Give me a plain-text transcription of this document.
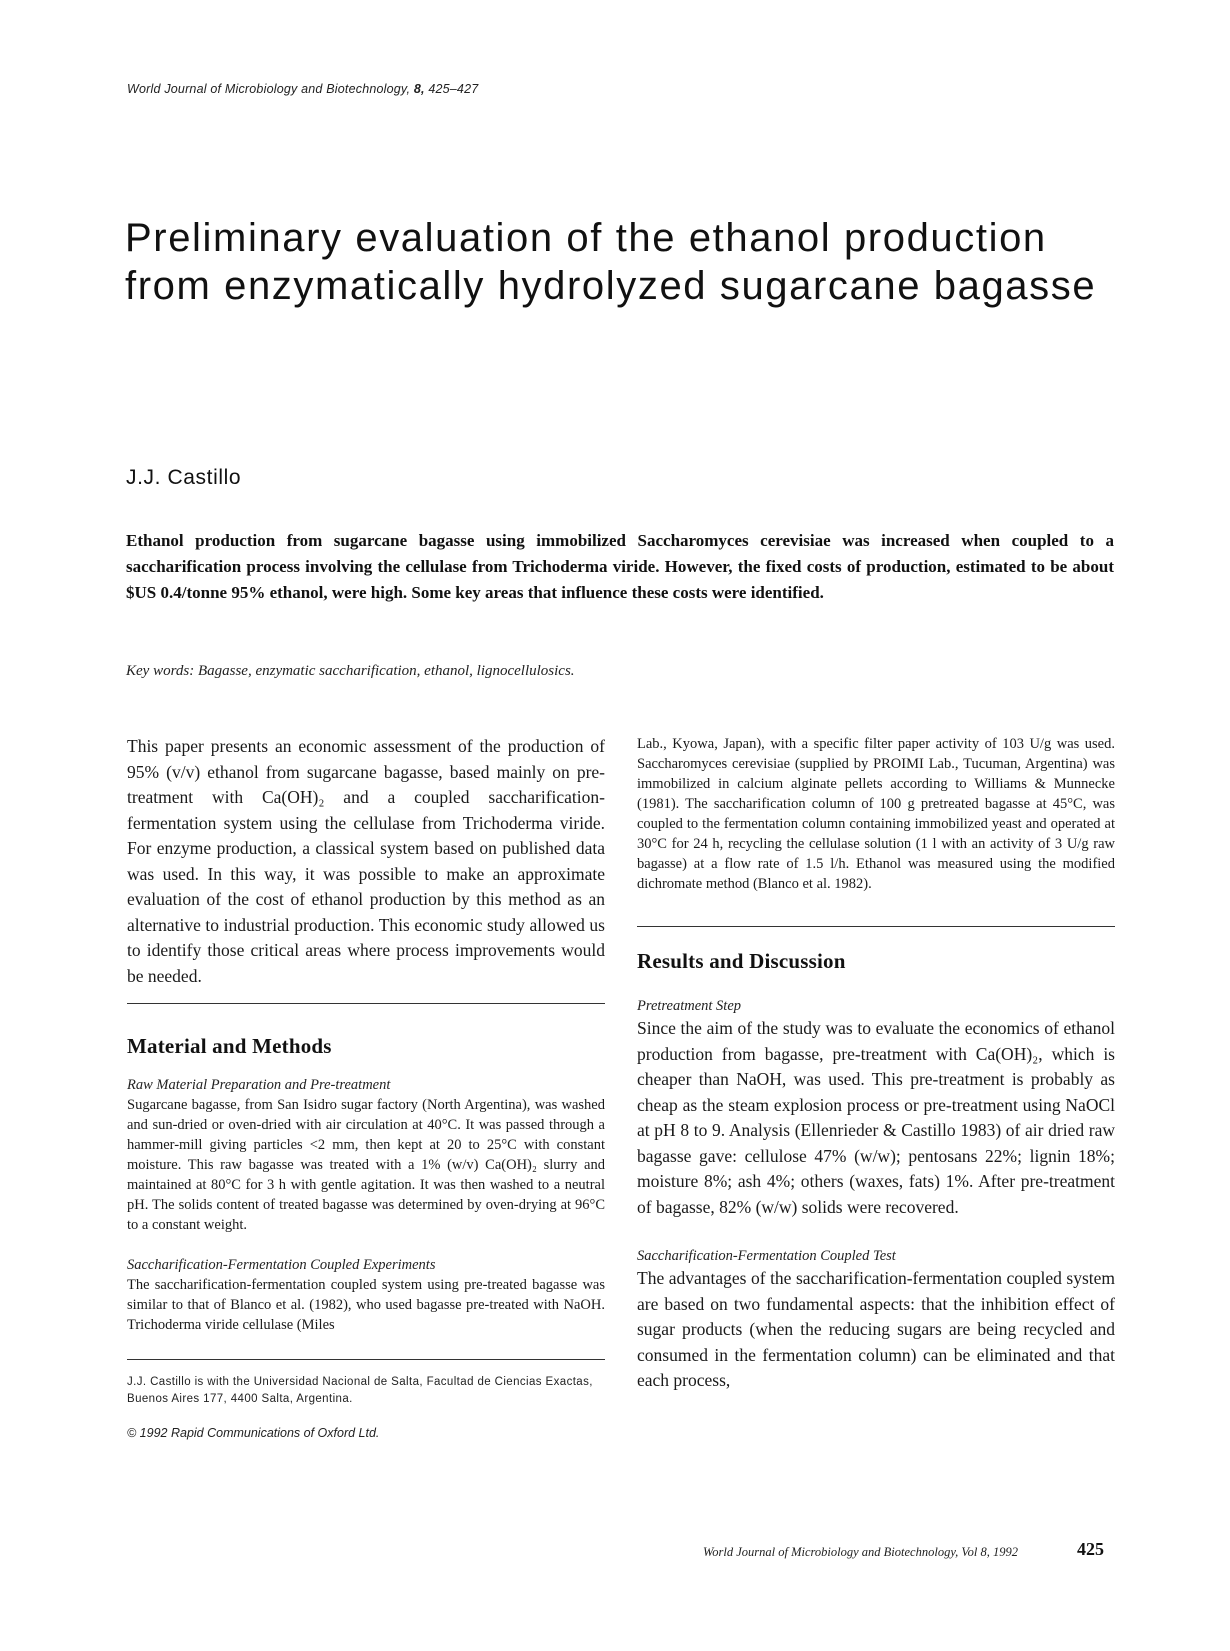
World Journal of Microbiology and Biotechnology, 8, 425–427
Preliminary evaluation of the ethanol production from enzymatically hydrolyzed sugarcane bagasse
J.J. Castillo

Ethanol production from sugarcane bagasse using immobilized Saccharomyces cerevisiae was increased when coupled to a saccharification process involving the cellulase from Trichoderma viride. However, the fixed costs of production, estimated to be about $US 0.4/tonne 95% ethanol, were high. Some key areas that influence these costs were identified.

Key words: Bagasse, enzymatic saccharification, ethanol, lignocellulosics.

This paper presents an economic assessment of the production of 95% (v/v) ethanol from sugarcane bagasse, based mainly on pre-treatment with Ca(OH)₂ and a coupled saccharification-fermentation system using the cellulase from Trichoderma viride. For enzyme production, a classical system based on published data was used. In this way, it was possible to make an approximate evaluation of the cost of ethanol production by this method as an alternative to industrial production. This economic study allowed us to identify those critical areas where process improvements would be needed.

Material and Methods

Raw Material Preparation and Pre-treatment

Sugarcane bagasse, from San Isidro sugar factory (North Argentina), was washed and sun-dried or oven-dried with air circulation at 40°C. It was passed through a hammer-mill giving particles <2 mm, then kept at 20 to 25°C with constant moisture. This raw bagasse was treated with a 1% (w/v) Ca(OH)₂ slurry and maintained at 80°C for 3 h with gentle agitation. It was then washed to a neutral pH. The solids content of treated bagasse was determined by oven-drying at 96°C to a constant weight.

Saccharification-Fermentation Coupled Experiments

The saccharification-fermentation coupled system using pre-treated bagasse was similar to that of Blanco et al. (1982), who used bagasse pre-treated with NaOH. Trichoderma viride cellulase (Miles

J.J. Castillo is with the Universidad Nacional de Salta, Facultad de Ciencias Exactas, Buenos Aires 177, 4400 Salta, Argentina.

© 1992 Rapid Communications of Oxford Ltd.

Lab., Kyowa, Japan), with a specific filter paper activity of 103 U/g was used. Saccharomyces cerevisiae (supplied by PROIMI Lab., Tucuman, Argentina) was immobilized in calcium alginate pellets according to Williams & Munnecke (1981). The saccharification column of 100 g pretreated bagasse at 45°C, was coupled to the fermentation column containing immobilized yeast and operated at 30°C for 24 h, recycling the cellulase solution (1 l with an activity of 3 U/g raw bagasse) at a flow rate of 1.5 l/h. Ethanol was measured using the modified dichromate method (Blanco et al. 1982).

Results and Discussion

Pretreatment Step

Since the aim of the study was to evaluate the economics of ethanol production from bagasse, pre-treatment with Ca(OH)₂, which is cheaper than NaOH, was used. This pre-treatment is probably as cheap as the steam explosion process or pre-treatment using NaOCl at pH 8 to 9. Analysis (Ellenrieder & Castillo 1983) of air dried raw bagasse gave: cellulose 47% (w/w); pentosans 22%; lignin 18%; moisture 8%; ash 4%; others (waxes, fats) 1%. After pre-treatment of bagasse, 82% (w/w) solids were recovered.

Saccharification-Fermentation Coupled Test

The advantages of the saccharification-fermentation coupled system are based on two fundamental aspects: that the inhibition effect of sugar products (when the reducing sugars are being recycled and consumed in the fermentation column) can be eliminated and that each process,

World Journal of Microbiology and Biotechnology, Vol 8, 1992	425
